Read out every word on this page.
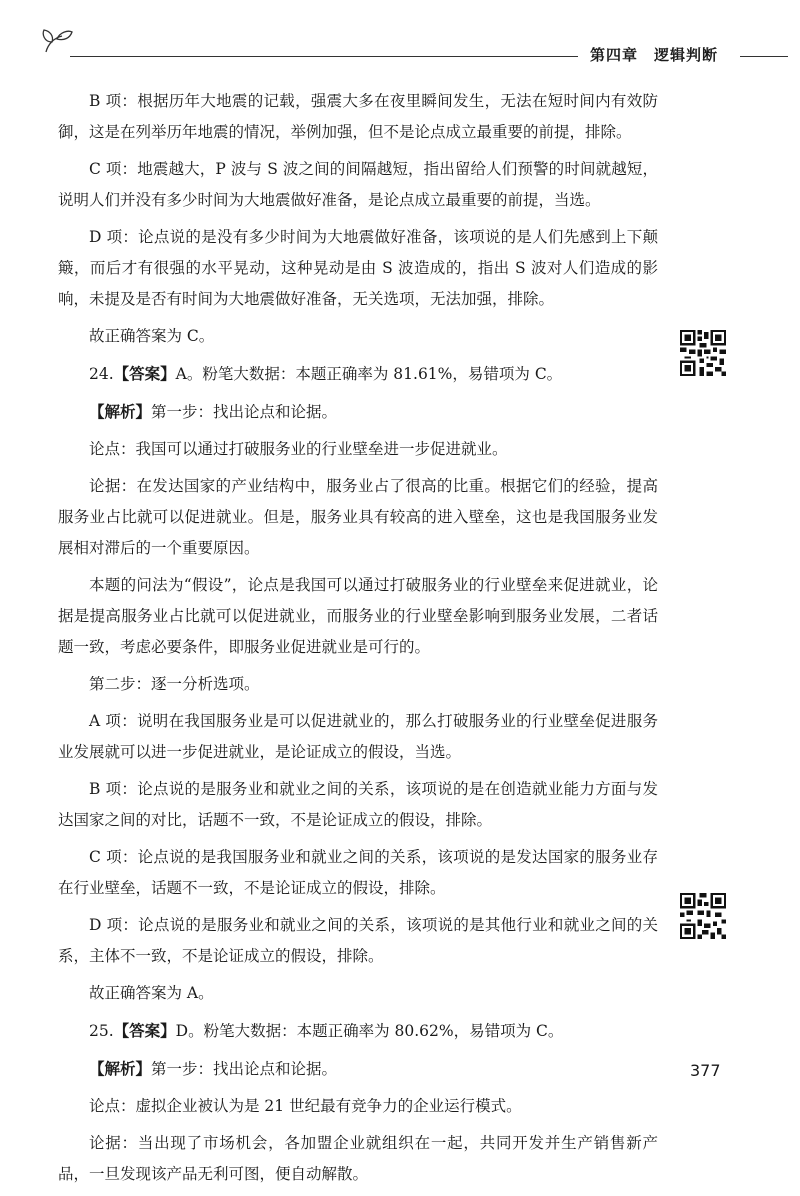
第四章 逻辑判断

B 项：根据历年大地震的记载，强震大多在夜里瞬间发生，无法在短时间内有效防御，这是在列举历年地震的情况，举例加强，但不是论点成立最重要的前提，排除。

C 项：地震越大，P 波与 S 波之间的间隔越短，指出留给人们预警的时间就越短，说明人们并没有多少时间为大地震做好准备，是论点成立最重要的前提，当选。

D 项：论点说的是没有多少时间为大地震做好准备，该项说的是人们先感到上下颠簸，而后才有很强的水平晃动，这种晃动是由 S 波造成的，指出 S 波对人们造成的影响，未提及是否有时间为大地震做好准备，无关选项，无法加强，排除。

故正确答案为 C。

24.【答案】A。粉笔大数据：本题正确率为 81.61%，易错项为 C。

【解析】第一步：找出论点和论据。

论点：我国可以通过打破服务业的行业壁垒进一步促进就业。

论据：在发达国家的产业结构中，服务业占了很高的比重。根据它们的经验，提高服务业占比就可以促进就业。但是，服务业具有较高的进入壁垒，这也是我国服务业发展相对滞后的一个重要原因。

本题的问法为“假设”，论点是我国可以通过打破服务业的行业壁垒来促进就业，论据是提高服务业占比就可以促进就业，而服务业的行业壁垒影响到服务业发展，二者话题一致，考虑必要条件，即服务业促进就业是可行的。

第二步：逐一分析选项。

A 项：说明在我国服务业是可以促进就业的，那么打破服务业的行业壁垒促进服务业发展就可以进一步促进就业，是论证成立的假设，当选。

B 项：论点说的是服务业和就业之间的关系，该项说的是在创造就业能力方面与发达国家之间的对比，话题不一致，不是论证成立的假设，排除。

C 项：论点说的是我国服务业和就业之间的关系，该项说的是发达国家的服务业存在行业壁垒，话题不一致，不是论证成立的假设，排除。

D 项：论点说的是服务业和就业之间的关系，该项说的是其他行业和就业之间的关系，主体不一致，不是论证成立的假设，排除。

故正确答案为 A。

25.【答案】D。粉笔大数据：本题正确率为 80.62%，易错项为 C。

【解析】第一步：找出论点和论据。

论点：虚拟企业被认为是 21 世纪最有竞争力的企业运行模式。

论据：当出现了市场机会，各加盟企业就组织在一起，共同开发并生产销售新产品，一旦发现该产品无利可图，便自动解散。

377
